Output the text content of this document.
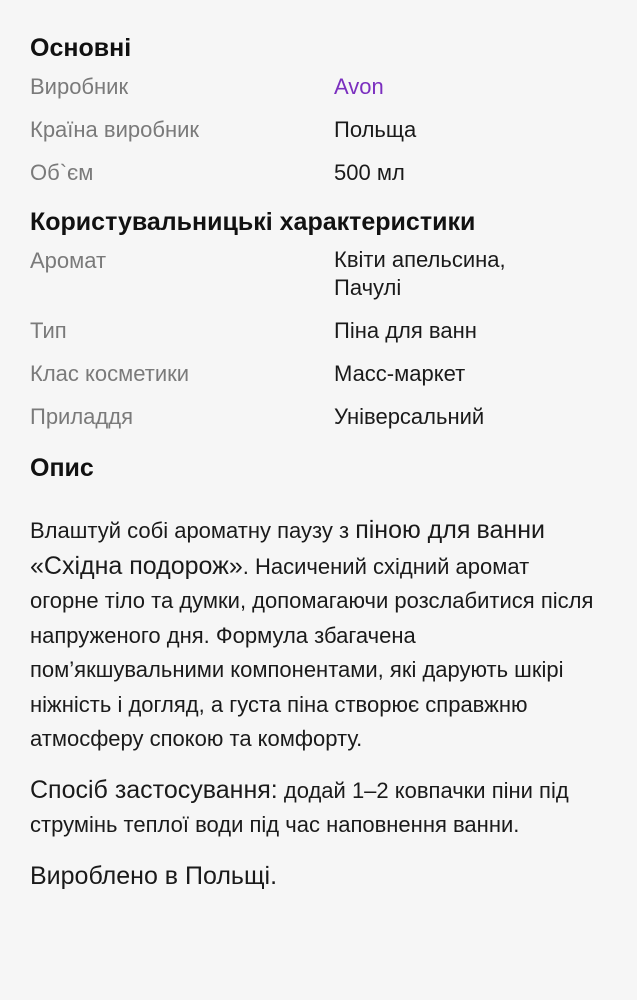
Основні
Виробник	Avon
Країна виробник	Польща
Об`єм	500 мл
Користувальницькі характеристики
Аромат	Квіти апельсина,
Пачулі
Тип	Піна для ванн
Клас косметики	Масс-маркет
Приладдя	Універсальний
Опис

Влаштуй собі ароматну паузу з піною для ванни «Східна подорож». Насичений східний аромат огорне тіло та думки, допомагаючи розслабитися після напруженого дня. Формула збагачена пом’якшувальними компонентами, які дарують шкірі ніжність і догляд, а густа піна створює справжню атмосферу спокою та комфорту.

Спосіб застосування: додай 1–2 ковпачки піни під струмінь теплої води під час наповнення ванни.

Вироблено в Польщі.
